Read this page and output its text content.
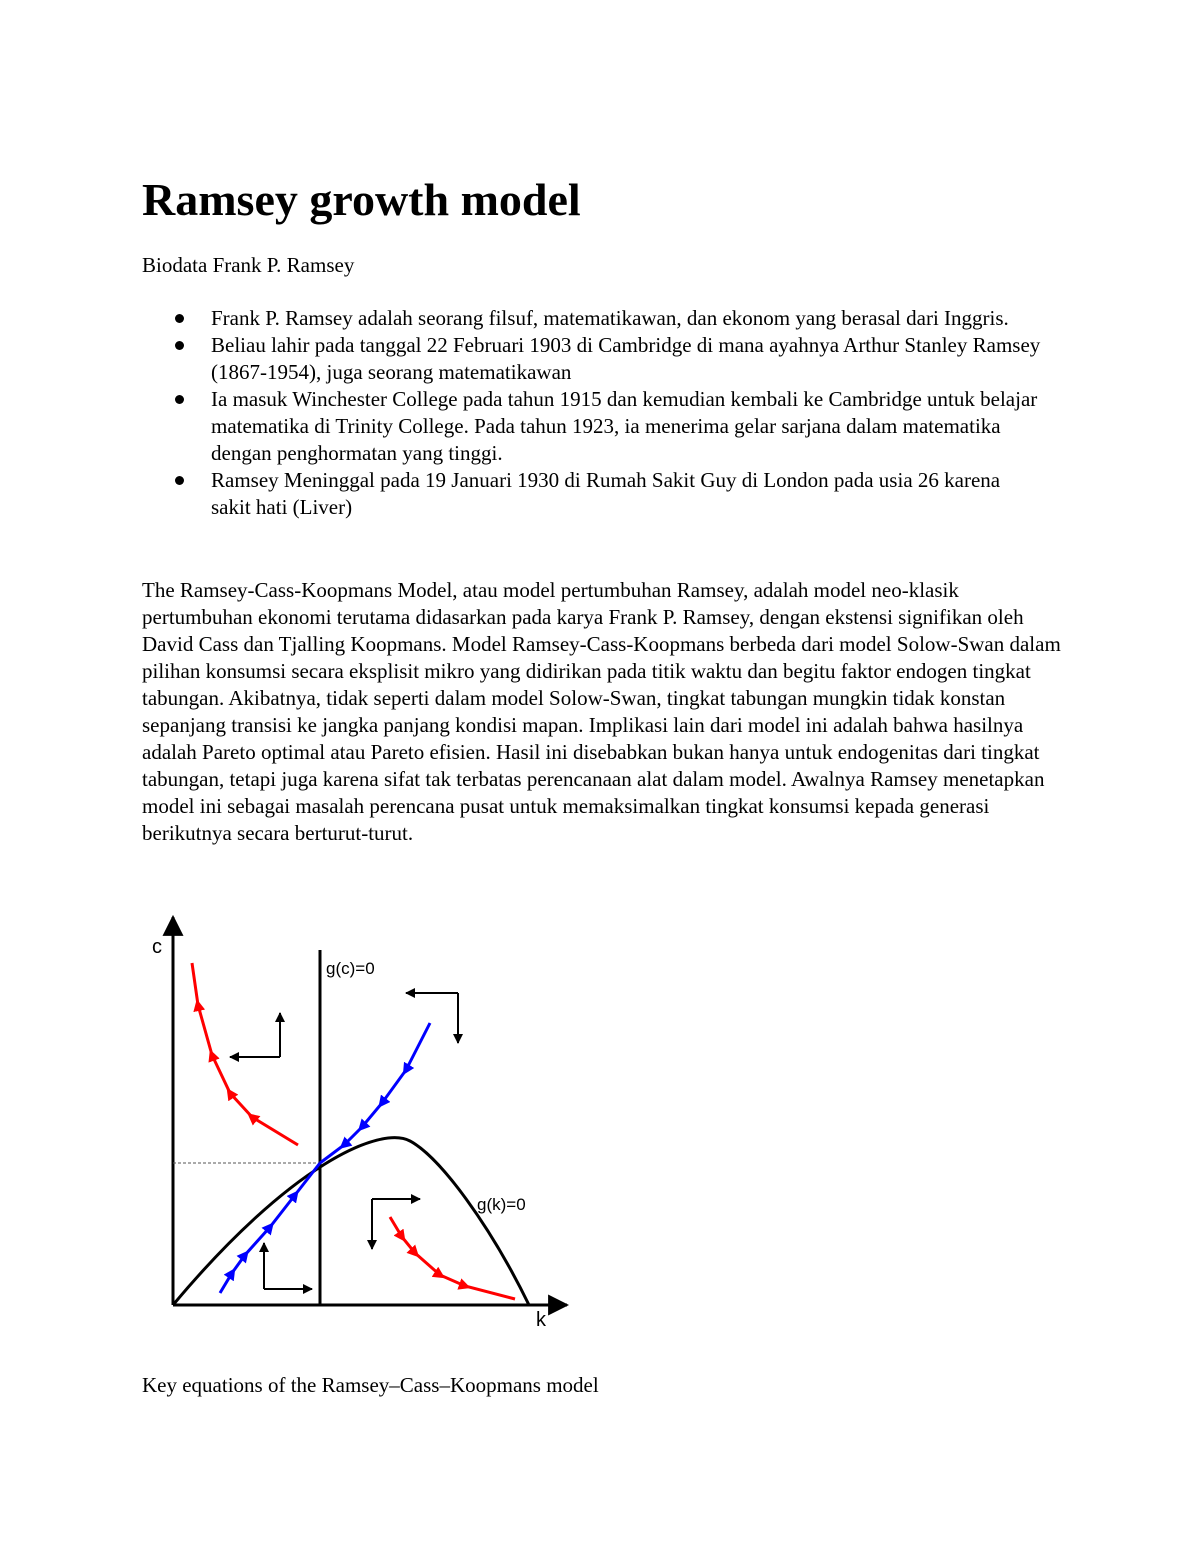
Ramsey growth model

Biodata Frank P. Ramsey

Frank P. Ramsey adalah seorang filsuf, matematikawan, dan ekonom yang berasal dari Inggris.
Beliau lahir pada tanggal 22 Februari 1903 di Cambridge di mana ayahnya Arthur Stanley Ramsey (1867-1954), juga seorang matematikawan
Ia masuk Winchester College pada tahun 1915 dan kemudian kembali ke Cambridge untuk belajar matematika di Trinity College. Pada tahun 1923, ia menerima gelar sarjana dalam matematika dengan penghormatan yang tinggi.
Ramsey Meninggal pada 19 Januari 1930 di Rumah Sakit Guy di London pada usia 26 karena sakit hati (Liver)

The Ramsey-Cass-Koopmans Model, atau model pertumbuhan Ramsey, adalah model neo-klasik pertumbuhan ekonomi terutama didasarkan pada karya Frank P. Ramsey, dengan ekstensi signifikan oleh David Cass dan Tjalling Koopmans. Model Ramsey-Cass-Koopmans berbeda dari model Solow-Swan dalam pilihan konsumsi secara eksplisit mikro yang didirikan pada titik waktu dan begitu faktor endogen tingkat tabungan. Akibatnya, tidak seperti dalam model Solow-Swan, tingkat tabungan mungkin tidak konstan sepanjang transisi ke jangka panjang kondisi mapan. Implikasi lain dari model ini adalah bahwa hasilnya adalah Pareto optimal atau Pareto efisien. Hasil ini disebabkan bukan hanya untuk endogenitas dari tingkat tabungan, tetapi juga karena sifat tak terbatas perencanaan alat dalam model. Awalnya Ramsey menetapkan model ini sebagai masalah perencana pusat untuk memaksimalkan tingkat konsumsi kepada generasi berikutnya secara berturut-turut.

c
k
g(c)=0
g(k)=0

Key equations of the Ramsey–Cass–Koopmans model
